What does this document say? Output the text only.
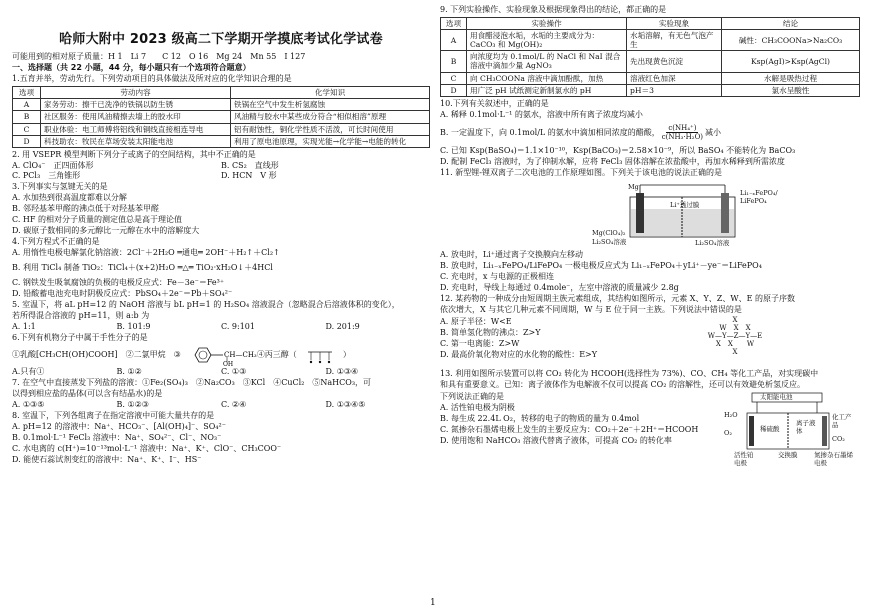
哈师大附中 2023 级高二下学期开学摸底考试化学试卷
可能用到的相对原子质量：H 1　Li 7　　C 12　O 16　Mg 24　Mn 55　I 127
一、选择题（共 22 小题，44 分，每小题只有一个选项符合题意）
1.五育并举，劳动先行。下列劳动项目的具体做法及所对应的化学知识合理的是
选项	劳动内容	化学知识
A	家务劳动：擦干已洗净的铁锅以防生锈	铁锅在空气中发生析氢腐蚀
B	社区服务：使用风油精擦去墙上的胶水印	风油精与胶水中某些成分符合“相似相溶”原理
C	职业体验：电工师傅将铝线和铜线直接相连导电	铝有耐蚀性，铜化学性质不活泼，可长时间使用
D	科技助农：牧民在草场安装太阳能电池	利用了原电池原理，实现光能→化学能→电能的转化
2. 用 VSEPR 模型判断下列分子或离子的空间结构，其中不正确的是
A. ClO₄⁻　正四面体形	B. CS₂　直线形
C. PCl₃　三角锥形	D. HCN　V 形
3.下列事实与氢键无关的是
A. 水加热到很高温度都难以分解
B. 邻羟基苯甲醛的沸点低于对羟基苯甲醛
C. HF 的相对分子质量的测定值总是高于理论值
D. 碳原子数相同的多元醇比一元醇在水中的溶解度大
4.下列方程式不正确的是
A. 用惰性电极电解氯化钠溶液：2Cl⁻＋2H₂O ═通电═ 2OH⁻＋H₂↑＋Cl₂↑
B. 利用 TiCl₄ 制备 TiO₂：TiCl₄＋(x+2)H₂O ═△═ TiO₂·xH₂O↓＋4HCl
C. 钢铁发生吸氧腐蚀的负极的电极反应式：Fe－3e⁻＝Fe³⁺
D. 铅酸蓄电池充电时阴极反应式：PbSO₄＋2e⁻＝Pb＋SO₄²⁻
5. 室温下，将 aL pH=12 的 NaOH 溶液与 bL pH=1 的 H₂SO₄ 溶液混合（忽略混合后溶液体积的变化），
若所得混合溶液的 pH=11，则 a:b 为
A. 1:1	B. 101:9	C. 9:101	D. 201:9
6.下列有机物分子中属于手性分子的是
①乳酸[CH₃CH(OH)COOH] ②二氯甲烷 ③	CH—CH₃
OH
④丙三醇（	）
A.只有①	B. ①②	C. ①③	D. ①③④
7. 在空气中直接蒸发下列盐的溶液：①Fe₂(SO₄)₃　②Na₂CO₃　③KCl　④CuCl₂　⑤NaHCO₃，可
以得到相应盐的晶体(可以含有结晶水)的是
A. ①③⑤	B. ①②③	C. ②④	D. ①③④⑤
8. 室温下，下列各组离子在指定溶液中可能大量共存的是
A. pH=12 的溶液中：Na⁺、HCO₃⁻、[Al(OH)₄]⁻、SO₄²⁻
B. 0.1mol·L⁻¹ FeCl₃ 溶液中：Na⁺、SO₄²⁻、Cl⁻、NO₃⁻
C. 水电离的 c(H⁺)=10⁻¹³mol·L⁻¹ 溶液中：Na⁺、K⁺、ClO⁻、CH₃COO⁻
D. 能使石蕊试剂变红的溶液中：Na⁺、K⁺、I⁻、HS⁻
9. 下列实验操作、实验现象及根据现象得出的结论，都正确的是
选项	实验操作	实验现象	结论
A	用食醋浸泡水垢，水垢的主要成分为：CaCO₃ 和 Mg(OH)₂	水垢溶解，有无色气泡产生	碱性：CH₃COONa>Na₂CO₃
B	向浓度均为 0.1mol/L 的 NaCl 和 NaI 混合溶液中滴加少量 AgNO₃	先出现黄色沉淀	Ksp(AgI)>Ksp(AgCl)
C	向 CH₃COONa 溶液中滴加酚酞，加热	溶液红色加深	水解是吸热过程
D	用广泛 pH 试纸测定新制氯水的 pH	pH＝3	氯水呈酸性
10.下列有关叙述中，正确的是
A. 稀释 0.1mol·L⁻¹ 的氨水，溶液中所有离子浓度均减小
B. 一定温度下，向 0.1mol/L 的氨水中滴加相同浓度的醋酸， $\frac{\text{c(NH₄⁺)}}{\text{c(NH₃·H₂O)}}$ 减小
C. 已知 Ksp(BaSO₄)＝1.1×10⁻¹⁰，Ksp(BaCO₃)＝2.58×10⁻⁹，所以 BaSO₄ 不能转化为 BaCO₃
D. 配制 FeCl₃ 溶液时，为了抑制水解，应将 FeCl₃ 固体溶解在浓盐酸中，再加水稀释到所需浓度
11. 新型锂-锂双离子二次电池的工作原理如图。下列关于该电池的说法正确的是
Mg
Li⁺透过膜
Li₁₋ₓFePO₄/ LiFePO₄
Mg(ClO₄)₂
Li₂SO₄溶液	Li₂SO₄溶液
A. 放电时，Li⁺通过离子交换膜向左移动
B. 放电时，Li₁₋ₓFePO₄/LiFePO₄ 一极电极反应式为 Li₁₋ₓFePO₄＋yLi⁺－ye⁻＝LiFePO₄
C. 充电时，x 与电源的正极相连
D. 充电时，导线上每通过 0.4mole⁻，左室中溶液的质量减少 2.8g
12. 某药物的一种成分由短周期主族元素组成，其结构如图所示，元素 X、Y、Z、W、E 的原子序数
依次增大，X 与其它几种元素不同周期，W 与 E 位于同一主族。下列说法中错误的是
A. 原子半径：W<E
B. 简单氢化物的沸点：Z>Y
C. 第一电离能：Z>W
D. 最高价氧化物对应的水化物的酸性：E>Y
X
W　X　X
W—Y—Z—Y—E
X　X　　W
X
13. 利用如图所示装置可以将 CO₂ 转化为 HCOOH(选择性为 73%)、CO、CH₄ 等化工产品，对实现碳中
和具有重要意义。已知：离子液体作为电解液不仅可以提高 CO₂ 的溶解性，还可以有效避免析氢反应。
下列说法正确的是
A. 活性铂电极为阴极
B. 每生成 22.4L O₂，转移的电子的物质的量为 0.4mol
C. 氮掺杂石墨烯电极上发生的主要反应为：CO₂＋2e⁻＋2H⁺＝HCOOH
D. 使用饱和 NaHCO₃ 溶液代替离子液体，可提高 CO₂ 的转化率
太阳能电池
H₂O
O₂	稀硫酸
离子液体
化工产品
CO₂
活性铂电极
交换膜	氮掺杂石墨烯电极
1
